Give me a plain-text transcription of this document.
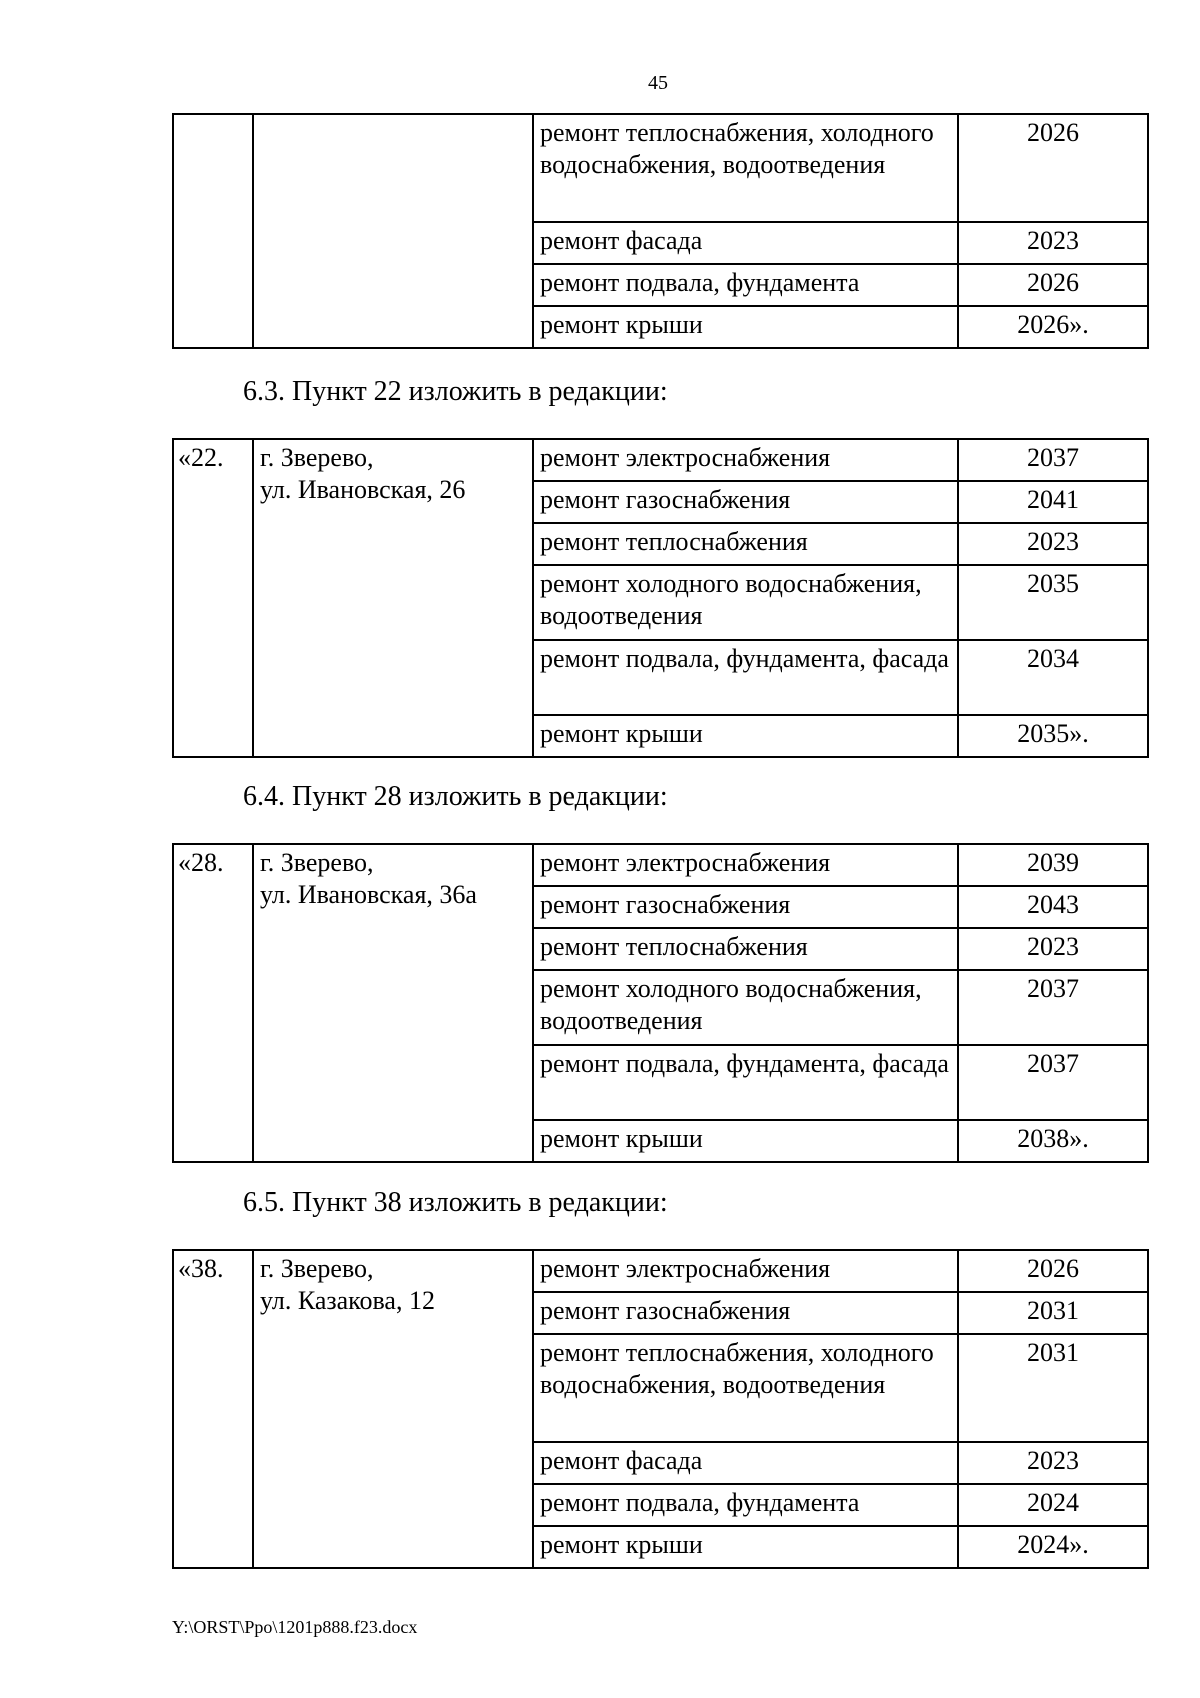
45
		ремонт теплоснабжения, холодного водоснабжения, водоотведения	2026
		ремонт фасада	2023
		ремонт подвала, фундамента	2026
		ремонт крыши	2026».
6.3. Пункт 22 изложить в редакции:
«22.	г. Зверево,
ул. Ивановская, 26	ремонт электроснабжения	2037
		ремонт газоснабжения	2041
		ремонт теплоснабжения	2023
		ремонт холодного водоснабжения, водоотведения	2035
		ремонт подвала, фундамента, фасада	2034
		ремонт крыши	2035».
6.4. Пункт 28 изложить в редакции:
«28.	г. Зверево,
ул. Ивановская, 36а	ремонт электроснабжения	2039
		ремонт газоснабжения	2043
		ремонт теплоснабжения	2023
		ремонт холодного водоснабжения, водоотведения	2037
		ремонт подвала, фундамента, фасада	2037
		ремонт крыши	2038».
6.5. Пункт 38 изложить в редакции:
«38.	г. Зверево,
ул. Казакова, 12	ремонт электроснабжения	2026
		ремонт газоснабжения	2031
		ремонт теплоснабжения, холодного водоснабжения, водоотведения	2031
		ремонт фасада	2023
		ремонт подвала, фундамента	2024
		ремонт крыши	2024».
Y:\ORST\Ppo\1201p888.f23.docx
